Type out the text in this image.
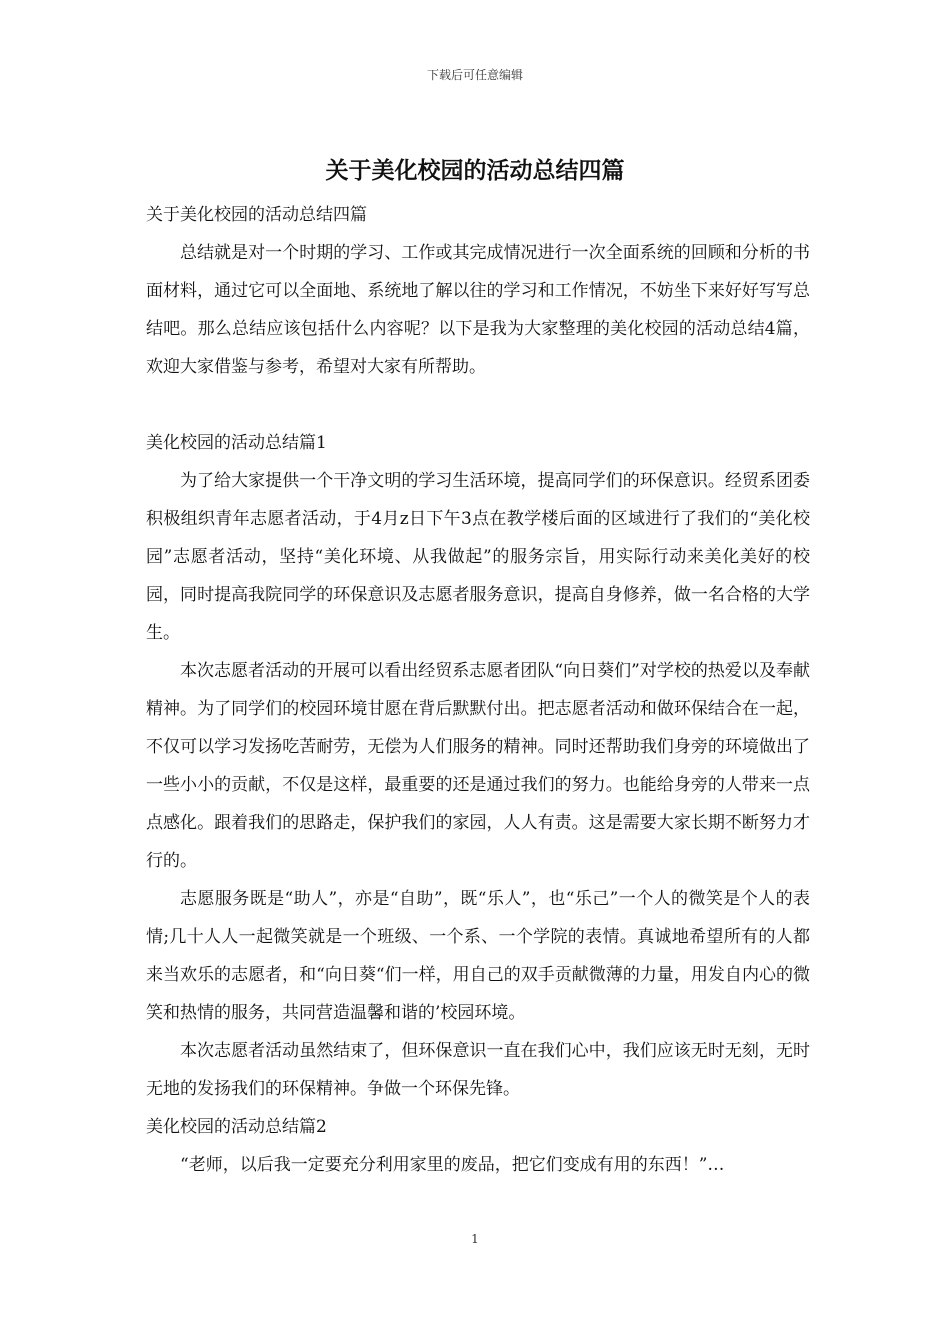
下载后可任意编辑
关于美化校园的活动总结四篇

关于美化校园的活动总结四篇

总结就是对一个时期的学习、工作或其完成情况进行一次全面系统的回顾和分析的书面材料，通过它可以全面地、系统地了解以往的学习和工作情况，不妨坐下来好好写写总结吧。那么总结应该包括什么内容呢？以下是我为大家整理的美化校园的活动总结4篇，欢迎大家借鉴与参考，希望对大家有所帮助。

美化校园的活动总结篇1

为了给大家提供一个干净文明的学习生活环境，提高同学们的环保意识。经贸系团委积极组织青年志愿者活动，于4月z日下午3点在教学楼后面的区域进行了我们的“美化校园”志愿者活动，坚持“美化环境、从我做起”的服务宗旨，用实际行动来美化美好的校园，同时提高我院同学的环保意识及志愿者服务意识，提高自身修养，做一名合格的大学生。

本次志愿者活动的开展可以看出经贸系志愿者团队“向日葵们”对学校的热爱以及奉献精神。为了同学们的校园环境甘愿在背后默默付出。把志愿者活动和做环保结合在一起，不仅可以学习发扬吃苦耐劳，无偿为人们服务的精神。同时还帮助我们身旁的环境做出了一些小小的贡献，不仅是这样，最重要的还是通过我们的努力。也能给身旁的人带来一点点感化。跟着我们的思路走，保护我们的家园，人人有责。这是需要大家长期不断努力才行的。

志愿服务既是“助人”，亦是“自助”，既“乐人”，也“乐己”一个人的微笑是个人的表情;几十人人一起微笑就是一个班级、一个系、一个学院的表情。真诚地希望所有的人都来当欢乐的志愿者，和“向日葵“们一样，用自己的双手贡献微薄的力量，用发自内心的微笑和热情的服务，共同营造温馨和谐的’校园环境。

本次志愿者活动虽然结束了，但环保意识一直在我们心中，我们应该无时无刻，无时无地的发扬我们的环保精神。争做一个环保先锋。

美化校园的活动总结篇2

“老师，以后我一定要充分利用家里的废品，把它们变成有用的东西！”…

1
